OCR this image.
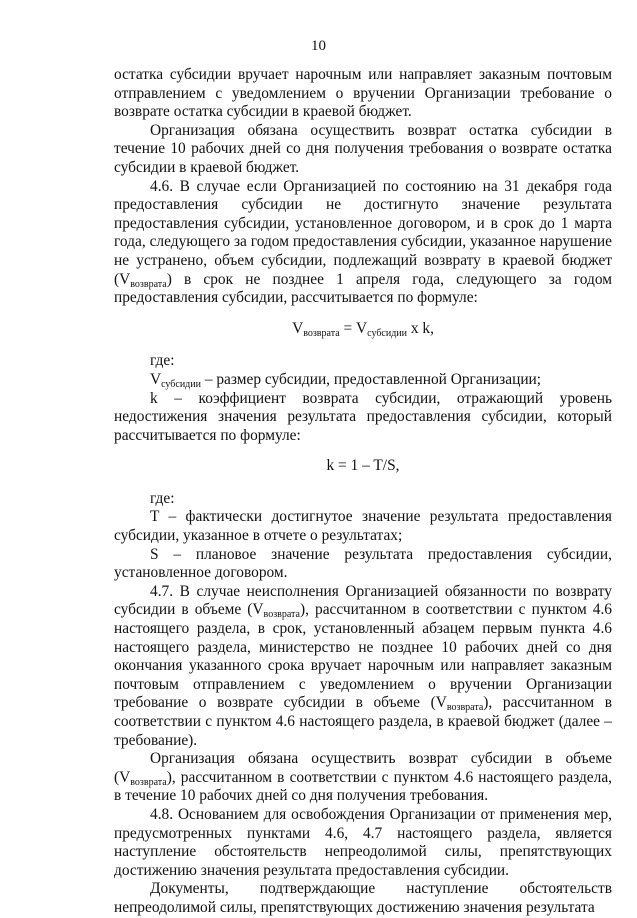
10

остатка субсидии вручает нарочным или направляет заказным почтовым отправлением с уведомлением о вручении Организации требование о возврате остатка субсидии в краевой бюджет.

Организация обязана осуществить возврат остатка субсидии в течение 10 рабочих дней со дня получения требования о возврате остатка субсидии в краевой бюджет.

4.6. В случае если Организацией по состоянию на 31 декабря года предоставления субсидии не достигнуто значение результата предоставления субсидии, установленное договором, и в срок до 1 марта года, следующего за годом предоставления субсидии, указанное нарушение не устранено, объем субсидии, подлежащий возврату в краевой бюджет $(V_{возврата})$ в срок не позднее 1 апреля года, следующего за годом предоставления субсидии, рассчитывается по формуле:

$V_{возврата} = V_{субсидии}$ x k,

где:

$V_{субсидии}$ – размер субсидии, предоставленной Организации;

k – коэффициент возврата субсидии, отражающий уровень недостижения значения результата предоставления субсидии, который рассчитывается по формуле:

k = 1 – T/S,

где:

T – фактически достигнутое значение результата предоставления субсидии, указанное в отчете о результатах;

S – плановое значение результата предоставления субсидии, установленное договором.

4.7. В случае неисполнения Организацией обязанности по возврату субсидии в объеме $(V_{возврата})$, рассчитанном в соответствии с пунктом 4.6 настоящего раздела, в срок, установленный абзацем первым пункта 4.6 настоящего раздела, министерство не позднее 10 рабочих дней со дня окончания указанного срока вручает нарочным или направляет заказным почтовым отправлением с уведомлением о вручении Организации требование о возврате субсидии в объеме $(V_{возврата})$, рассчитанном в соответствии с пунктом 4.6 настоящего раздела, в краевой бюджет (далее – требование).

Организация обязана осуществить возврат субсидии в объеме $(V_{возврата})$, рассчитанном в соответствии с пунктом 4.6 настоящего раздела, в течение 10 рабочих дней со дня получения требования.

4.8. Основанием для освобождения Организации от применения мер, предусмотренных пунктами 4.6, 4.7 настоящего раздела, является наступление обстоятельств непреодолимой силы, препятствующих достижению значения результата предоставления субсидии.

Документы, подтверждающие наступление обстоятельств непреодолимой силы, препятствующих достижению значения результата
